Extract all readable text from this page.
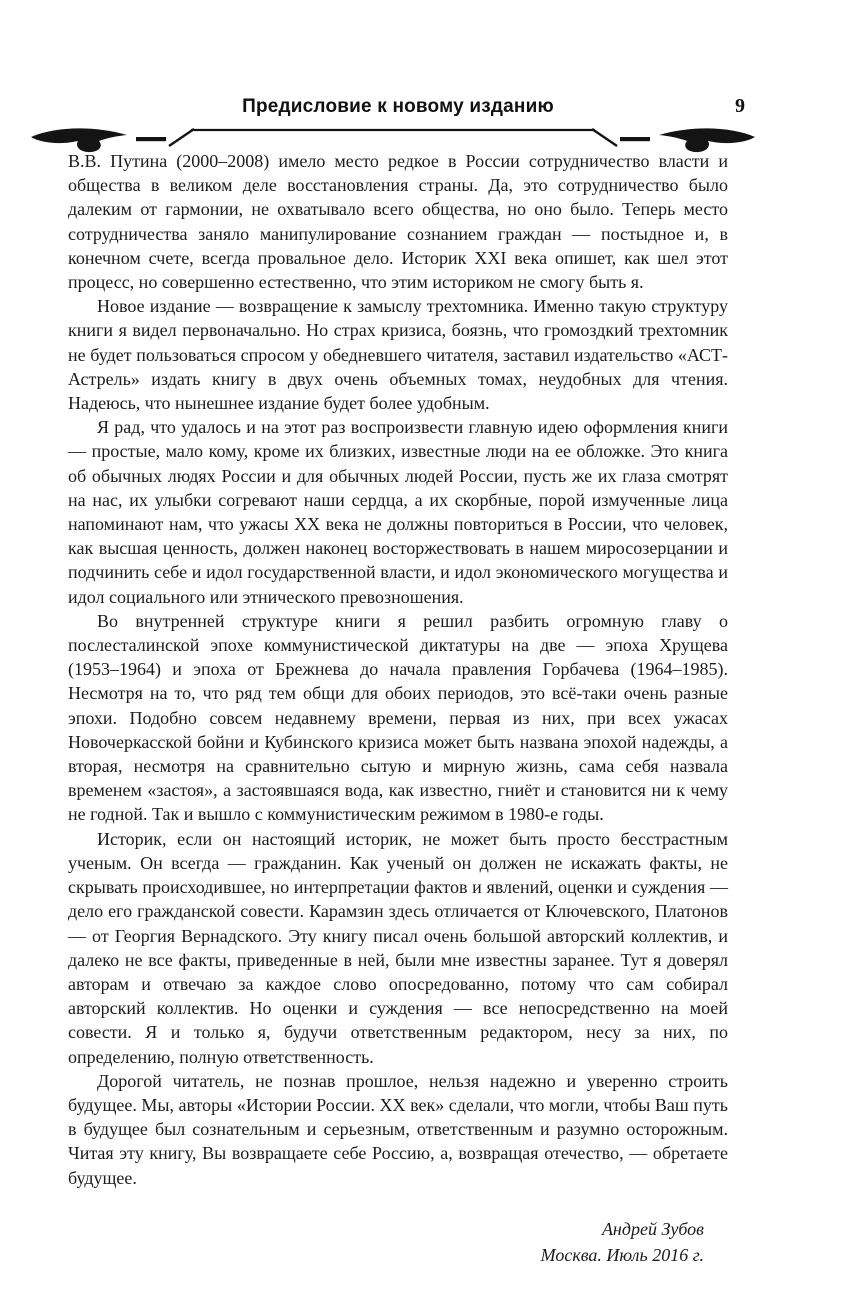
Предисловие к новому изданию	9

В.В. Путина (2000–2008) имело место редкое в России сотрудничество власти и общества в великом деле восстановления страны. Да, это сотрудничество было далеким от гармонии, не охватывало всего общества, но оно было. Теперь место сотрудничества заняло манипулирование сознанием граждан — постыдное и, в конечном счете, всегда провальное дело. Историк XXI века опишет, как шел этот процесс, но совершенно естественно, что этим историком не смогу быть я.

Новое издание — возвращение к замыслу трехтомника. Именно такую структуру книги я видел первоначально. Но страх кризиса, боязнь, что громоздкий трехтомник не будет пользоваться спросом у обедневшего читателя, заставил издательство «АСТ-Астрель» издать книгу в двух очень объемных томах, неудобных для чтения. Надеюсь, что нынешнее издание будет более удобным.

Я рад, что удалось и на этот раз воспроизвести главную идею оформления книги — простые, мало кому, кроме их близких, известные люди на ее обложке. Это книга об обычных людях России и для обычных людей России, пусть же их глаза смотрят на нас, их улыбки согревают наши сердца, а их скорбные, порой измученные лица напоминают нам, что ужасы XX века не должны повториться в России, что человек, как высшая ценность, должен наконец восторжествовать в нашем миросозерцании и подчинить себе и идол государственной власти, и идол экономического могущества и идол социального или этнического превозношения.

Во внутренней структуре книги я решил разбить огромную главу о послесталинской эпохе коммунистической диктатуры на две — эпоха Хрущева (1953–1964) и эпоха от Брежнева до начала правления Горбачева (1964–1985). Несмотря на то, что ряд тем общи для обоих периодов, это всё-таки очень разные эпохи. Подобно совсем недавнему времени, первая из них, при всех ужасах Новочеркасской бойни и Кубинского кризиса может быть названа эпохой надежды, а вторая, несмотря на сравнительно сытую и мирную жизнь, сама себя назвала временем «застоя», а застоявшаяся вода, как известно, гниёт и становится ни к чему не годной. Так и вышло с коммунистическим режимом в 1980-е годы.

Историк, если он настоящий историк, не может быть просто бесстрастным ученым. Он всегда — гражданин. Как ученый он должен не искажать факты, не скрывать происходившее, но интерпретации фактов и явлений, оценки и суждения — дело его гражданской совести. Карамзин здесь отличается от Ключевского, Платонов — от Георгия Вернадского. Эту книгу писал очень большой авторский коллектив, и далеко не все факты, приведенные в ней, были мне известны заранее. Тут я доверял авторам и отвечаю за каждое слово опосредованно, потому что сам собирал авторский коллектив. Но оценки и суждения — все непосредственно на моей совести. Я и только я, будучи ответственным редактором, несу за них, по определению, полную ответственность.

Дорогой читатель, не познав прошлое, нельзя надежно и уверенно строить будущее. Мы, авторы «Истории России. XX век» сделали, что могли, чтобы Ваш путь в будущее был сознательным и серьезным, ответственным и разумно осторожным. Читая эту книгу, Вы возвращаете себе Россию, а, возвращая отечество, — обретаете будущее.

Андрей Зубов
Москва. Июль 2016 г.
